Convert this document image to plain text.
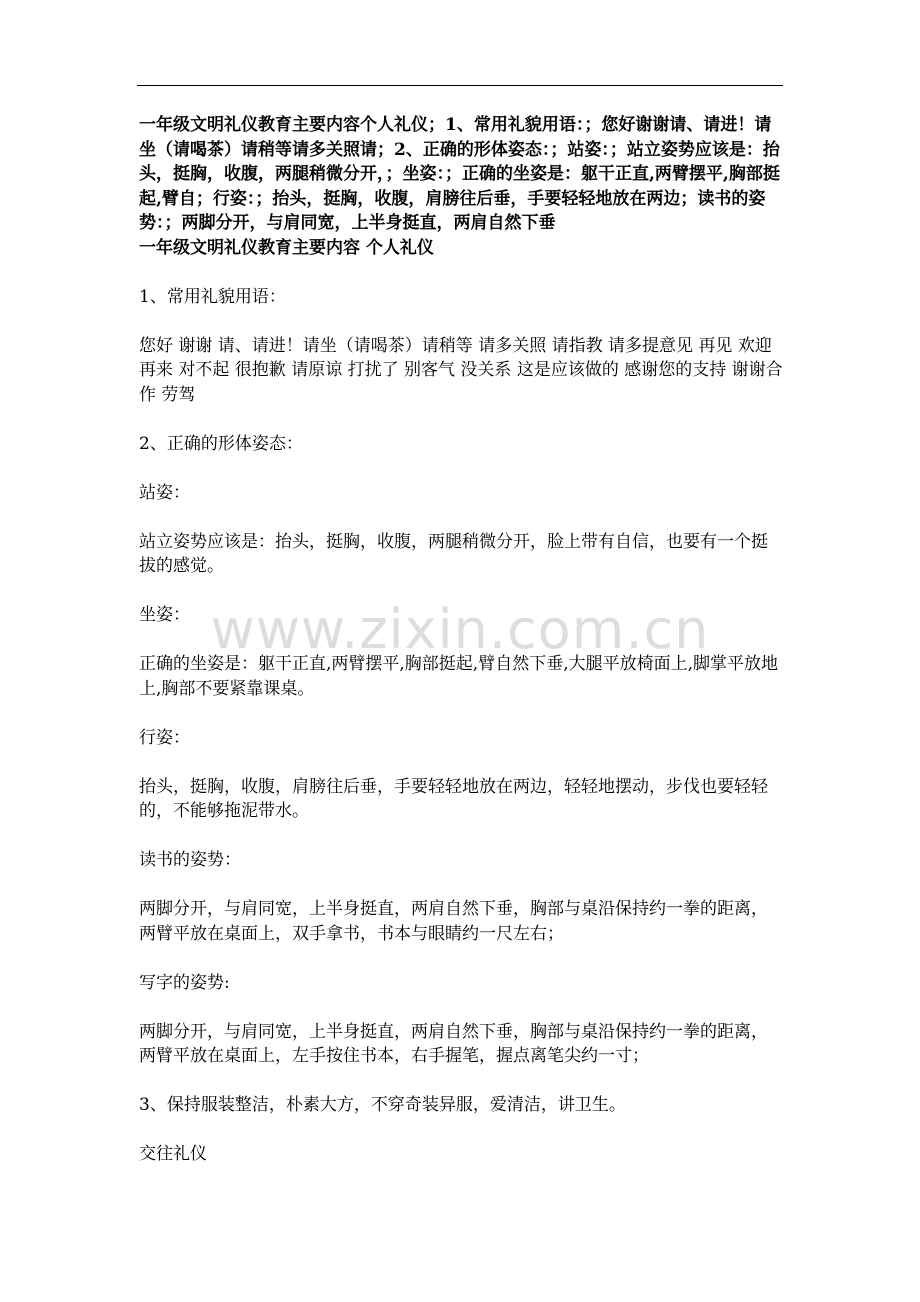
一年级文明礼仪教育主要内容个人礼仪；1、常用礼貌用语：；您好谢谢请、请进！请坐（请喝茶）请稍等请多关照请；2、正确的形体姿态：；站姿：；站立姿势应该是：抬头，挺胸，收腹，两腿稍微分开，；坐姿：；正确的坐姿是：躯干正直,两臂摆平,胸部挺起,臂自；行姿：；抬头，挺胸，收腹，肩膀往后垂，手要轻轻地放在两边；读书的姿势：；两脚分开，与肩同宽，上半身挺直，两肩自然下垂

一年级文明礼仪教育主要内容 个人礼仪

1、常用礼貌用语：

您好 谢谢 请、请进！请坐（请喝茶）请稍等 请多关照 请指教 请多提意见 再见 欢迎再来 对不起 很抱歉 请原谅 打扰了 别客气 没关系 这是应该做的 感谢您的支持 谢谢合作 劳驾

2、正确的形体姿态：

站姿：

站立姿势应该是：抬头，挺胸，收腹，两腿稍微分开，脸上带有自信，也要有一个挺拔的感觉。

坐姿：

正确的坐姿是：躯干正直,两臂摆平,胸部挺起,臂自然下垂,大腿平放椅面上,脚掌平放地上,胸部不要紧靠课桌。

行姿：

抬头，挺胸，收腹，肩膀往后垂，手要轻轻地放在两边，轻轻地摆动，步伐也要轻轻的，不能够拖泥带水。

读书的姿势：

两脚分开，与肩同宽，上半身挺直，两肩自然下垂，胸部与桌沿保持约一拳的距离，两臂平放在桌面上，双手拿书，书本与眼睛约一尺左右；

写字的姿势:

两脚分开，与肩同宽，上半身挺直，两肩自然下垂，胸部与桌沿保持约一拳的距离，两臂平放在桌面上，左手按住书本，右手握笔，握点离笔尖约一寸；

3、保持服装整洁，朴素大方，不穿奇装异服，爱清洁，讲卫生。

交往礼仪

www.zixin.com.cn
